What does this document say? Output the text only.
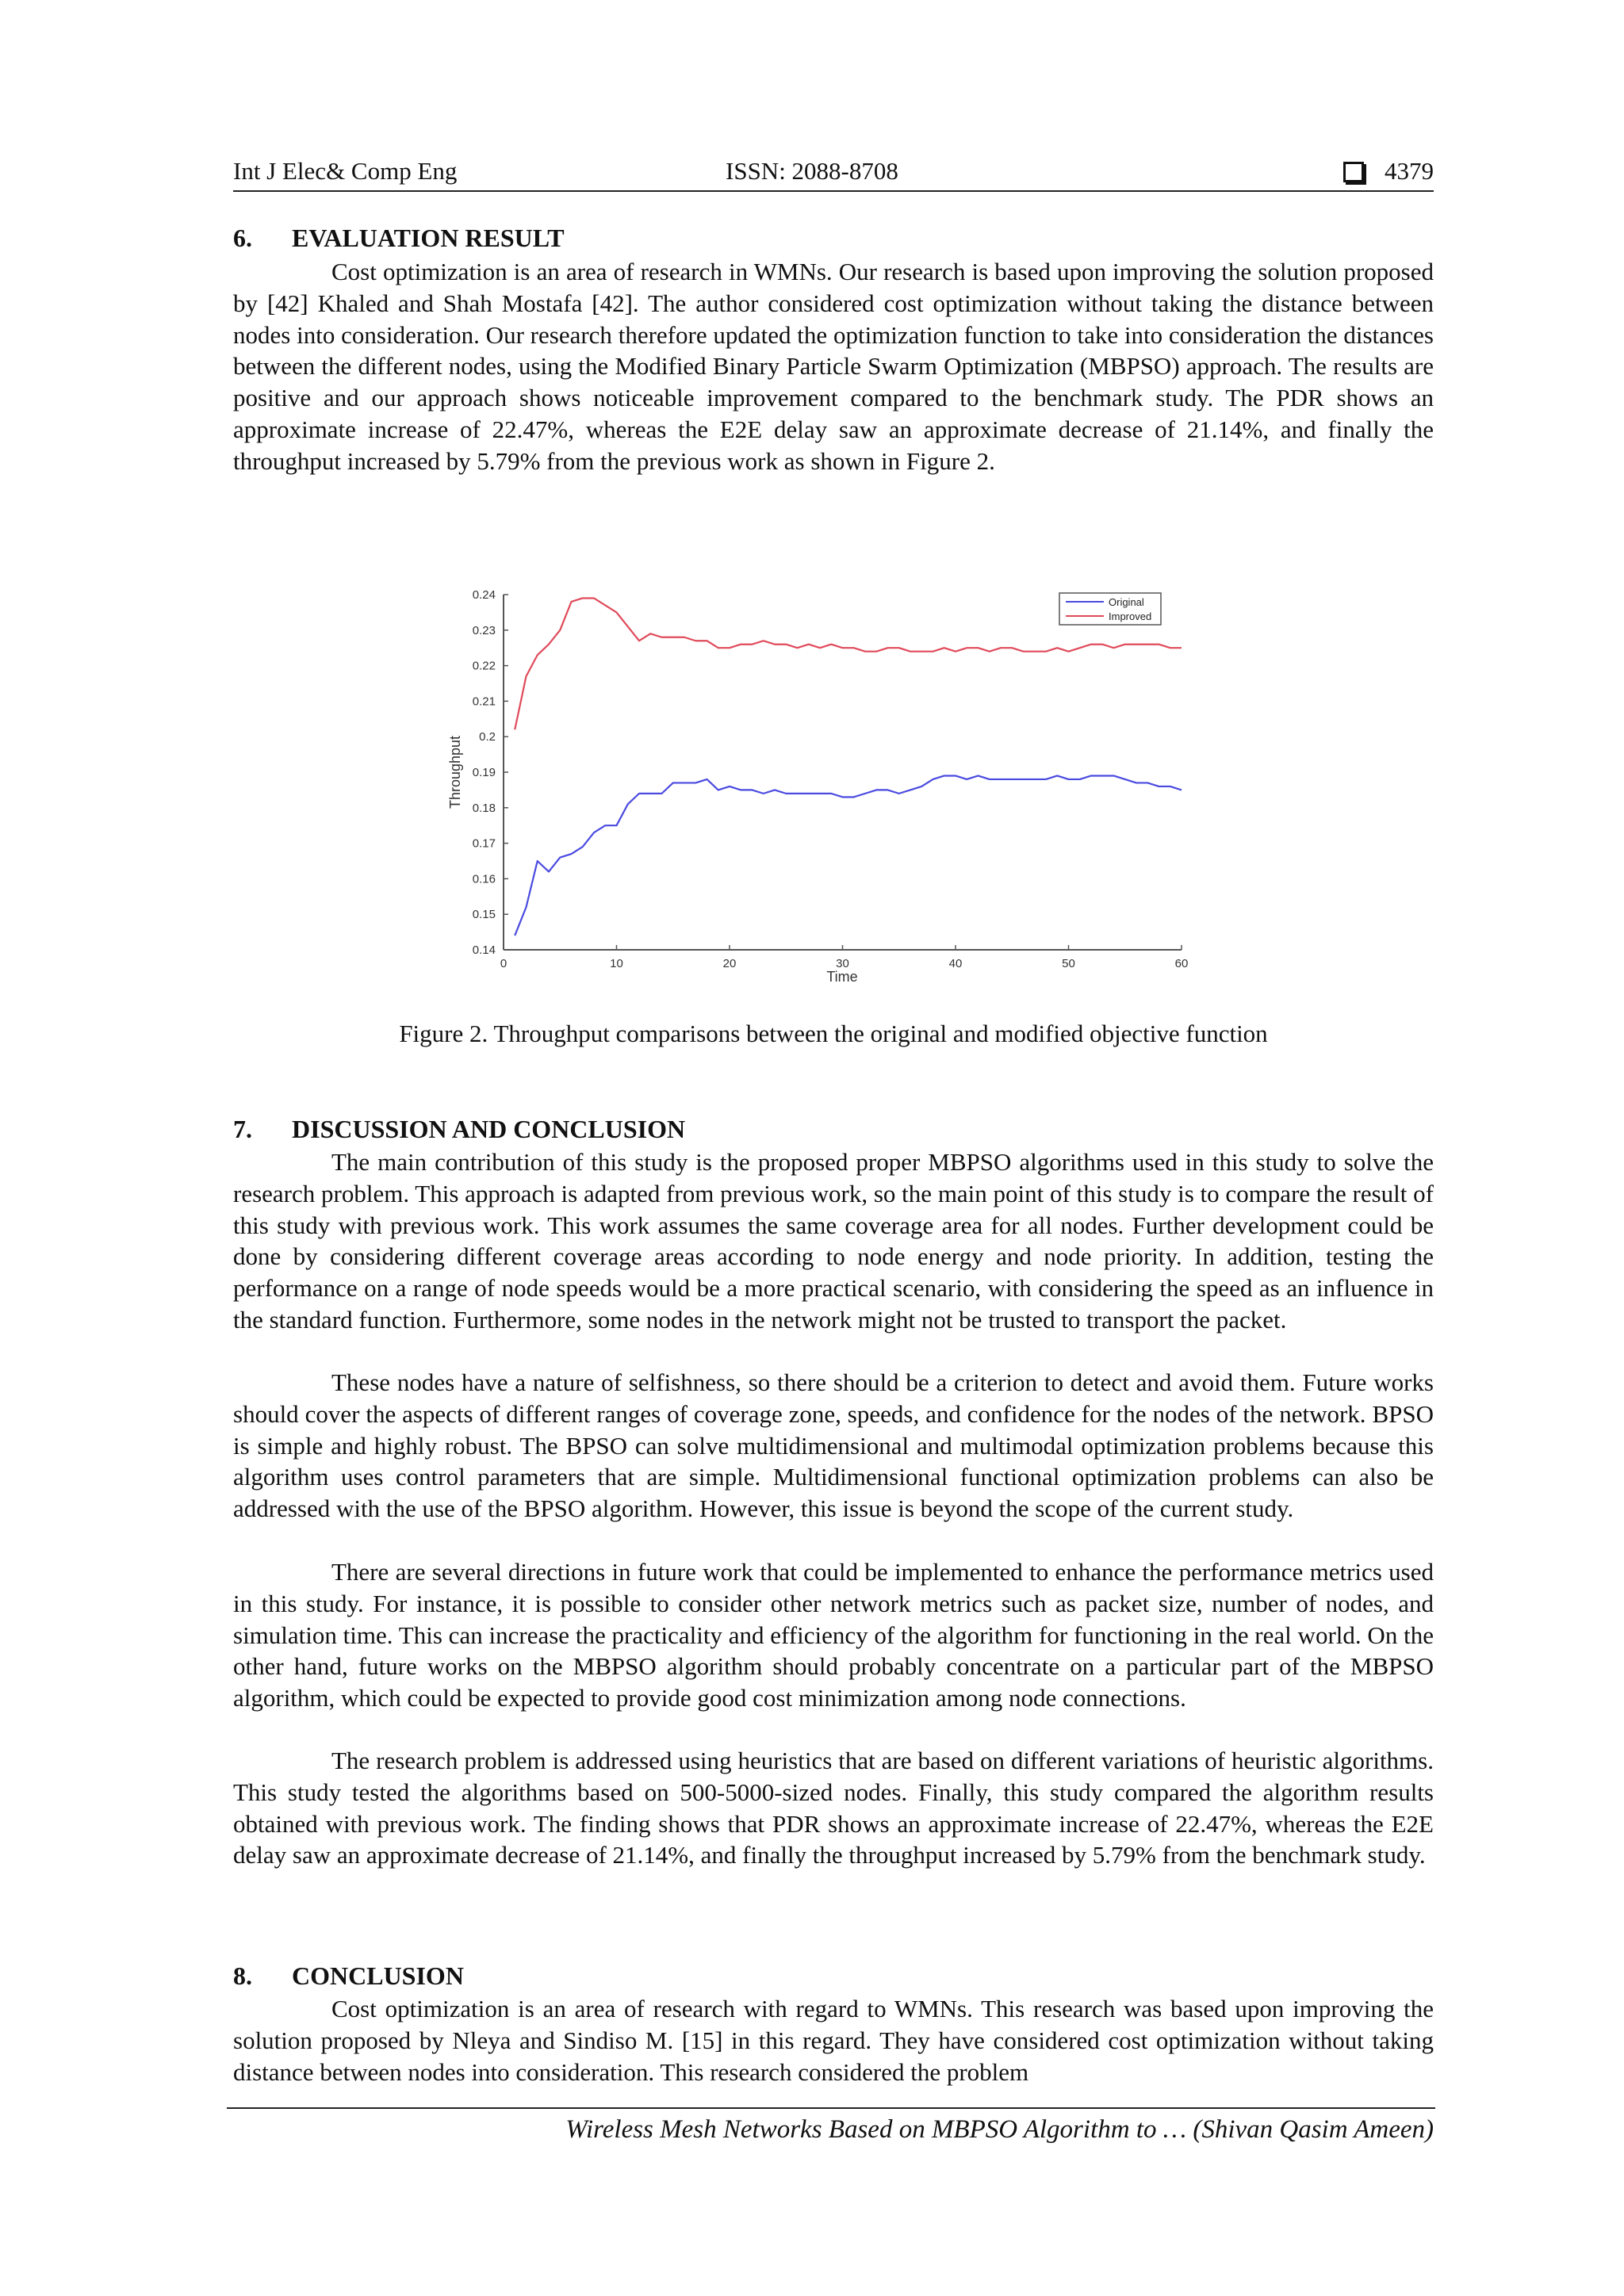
Int J Elec& Comp Eng	ISSN: 2088-8708	4379
6. EVALUATION RESULT

Cost optimization is an area of research in WMNs. Our research is based upon improving the solution proposed by [42] Khaled and Shah Mostafa [42]. The author considered cost optimization without taking the distance between nodes into consideration. Our research therefore updated the optimization function to take into consideration the distances between the different nodes, using the Modified Binary Particle Swarm Optimization (MBPSO) approach. The results are positive and our approach shows noticeable improvement compared to the benchmark study. The PDR shows an approximate increase of 22.47%, whereas the E2E delay saw an approximate decrease of 21.14%, and finally the throughput increased by 5.79% from the previous work as shown in Figure 2.

0	10	20	30	40	50	60
0.14
0.15
0.16
0.17
0.18
0.19
0.2
0.21
0.22
0.23
0.24
Time
Throughput
Original
Improved
Figure 2. Throughput comparisons between the original and modified objective function
7. DISCUSSION AND CONCLUSION

The main contribution of this study is the proposed proper MBPSO algorithms used in this study to solve the research problem. This approach is adapted from previous work, so the main point of this study is to compare the result of this study with previous work. This work assumes the same coverage area for all nodes. Further development could be done by considering different coverage areas according to node energy and node priority. In addition, testing the performance on a range of node speeds would be a more practical scenario, with considering the speed as an influence in the standard function. Furthermore, some nodes in the network might not be trusted to transport the packet.

These nodes have a nature of selfishness, so there should be a criterion to detect and avoid them. Future works should cover the aspects of different ranges of coverage zone, speeds, and confidence for the nodes of the network. BPSO is simple and highly robust. The BPSO can solve multidimensional and multimodal optimization problems because this algorithm uses control parameters that are simple. Multidimensional functional optimization problems can also be addressed with the use of the BPSO algorithm. However, this issue is beyond the scope of the current study.

There are several directions in future work that could be implemented to enhance the performance metrics used in this study. For instance, it is possible to consider other network metrics such as packet size, number of nodes, and simulation time. This can increase the practicality and efficiency of the algorithm for functioning in the real world. On the other hand, future works on the MBPSO algorithm should probably concentrate on a particular part of the MBPSO algorithm, which could be expected to provide good cost minimization among node connections.

The research problem is addressed using heuristics that are based on different variations of heuristic algorithms. This study tested the algorithms based on 500-5000-sized nodes. Finally, this study compared the algorithm results obtained with previous work. The finding shows that PDR shows an approximate increase of 22.47%, whereas the E2E delay saw an approximate decrease of 21.14%, and finally the throughput increased by 5.79% from the benchmark study.

8. CONCLUSION

Cost optimization is an area of research with regard to WMNs. This research was based upon improving the solution proposed by Nleya and Sindiso M. [15] in this regard. They have considered cost optimization without taking distance between nodes into consideration. This research considered the problem

Wireless Mesh Networks Based on MBPSO Algorithm to … (Shivan Qasim Ameen)
